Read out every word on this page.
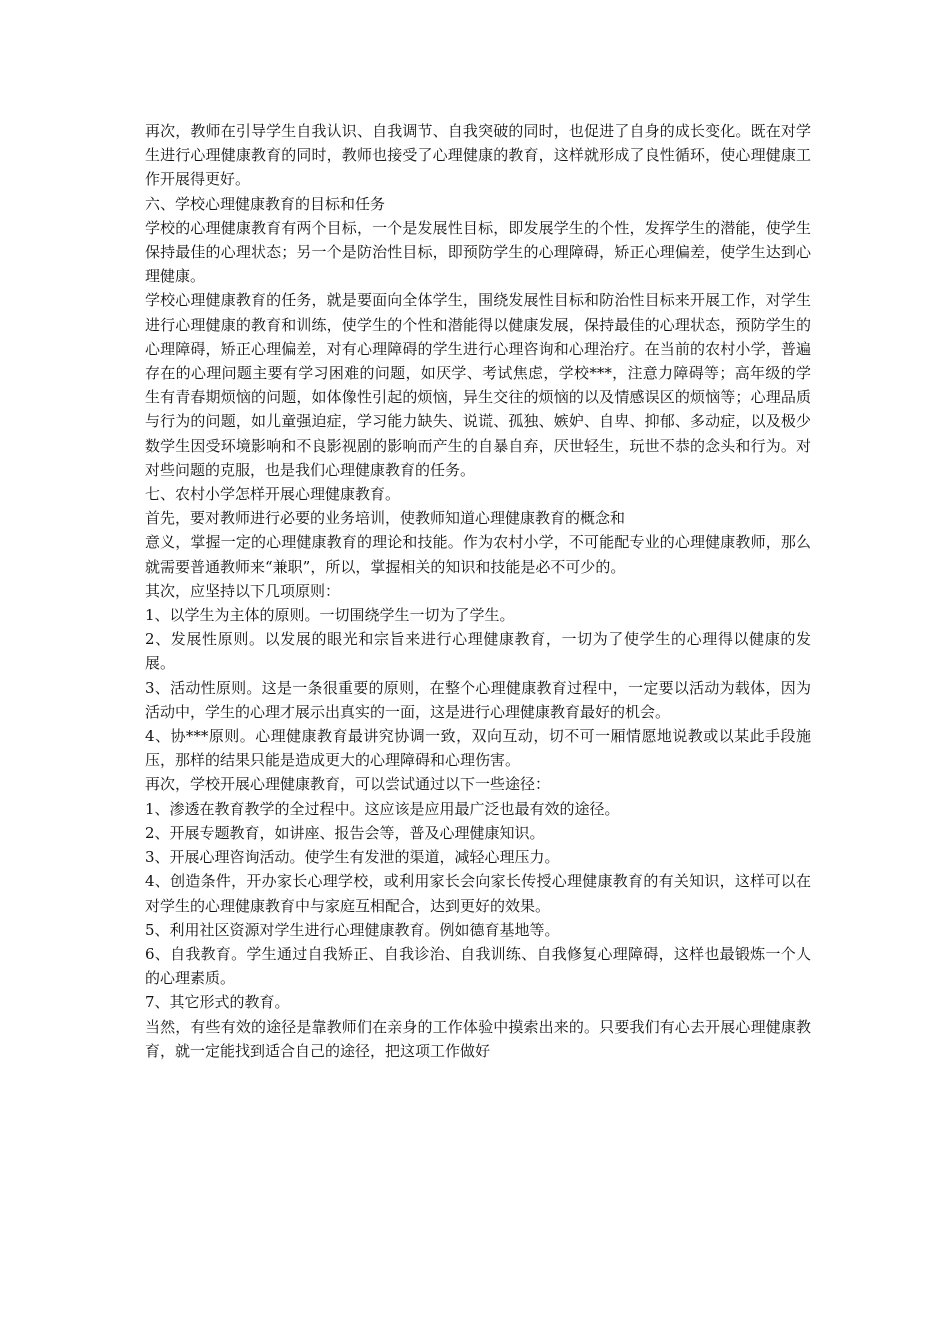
再次，教师在引导学生自我认识、自我调节、自我突破的同时，也促进了自身的成长变化。既在对学生进行心理健康教育的同时，教师也接受了心理健康的教育，这样就形成了良性循环，使心理健康工作开展得更好。

六、学校心理健康教育的目标和任务

学校的心理健康教育有两个目标，一个是发展性目标，即发展学生的个性，发挥学生的潜能，使学生保持最佳的心理状态；另一个是防治性目标，即预防学生的心理障碍，矫正心理偏差，使学生达到心理健康。

学校心理健康教育的任务，就是要面向全体学生，围绕发展性目标和防治性目标来开展工作，对学生进行心理健康的教育和训练，使学生的个性和潜能得以健康发展，保持最佳的心理状态，预防学生的心理障碍，矫正心理偏差，对有心理障碍的学生进行心理咨询和心理治疗。在当前的农村小学，普遍存在的心理问题主要有学习困难的问题，如厌学、考试焦虑，学校***，注意力障碍等；高年级的学生有青春期烦恼的问题，如体像性引起的烦恼，异生交往的烦恼的以及情感误区的烦恼等；心理品质与行为的问题，如儿童强迫症，学习能力缺失、说谎、孤独、嫉妒、自卑、抑郁、多动症，以及极少数学生因受环境影响和不良影视剧的影响而产生的自暴自弃，厌世轻生，玩世不恭的念头和行为。对对些问题的克服，也是我们心理健康教育的任务。

七、农村小学怎样开展心理健康教育。

首先，要对教师进行必要的业务培训，使教师知道心理健康教育的概念和

意义，掌握一定的心理健康教育的理论和技能。作为农村小学，不可能配专业的心理健康教师，那么就需要普通教师来“兼职”，所以，掌握相关的知识和技能是必不可少的。

其次，应坚持以下几项原则：

1、以学生为主体的原则。一切围绕学生一切为了学生。

2、发展性原则。以发展的眼光和宗旨来进行心理健康教育，一切为了使学生的心理得以健康的发展。

3、活动性原则。这是一条很重要的原则，在整个心理健康教育过程中，一定要以活动为载体，因为活动中，学生的心理才展示出真实的一面，这是进行心理健康教育最好的机会。

4、协***原则。心理健康教育最讲究协调一致，双向互动，切不可一厢情愿地说教或以某此手段施压，那样的结果只能是造成更大的心理障碍和心理伤害。

再次，学校开展心理健康教育，可以尝试通过以下一些途径：

1、渗透在教育教学的全过程中。这应该是应用最广泛也最有效的途径。

2、开展专题教育，如讲座、报告会等，普及心理健康知识。

3、开展心理咨询活动。使学生有发泄的渠道，减轻心理压力。

4、创造条件，开办家长心理学校，或利用家长会向家长传授心理健康教育的有关知识，这样可以在对学生的心理健康教育中与家庭互相配合，达到更好的效果。

5、利用社区资源对学生进行心理健康教育。例如德育基地等。

6、自我教育。学生通过自我矫正、自我诊治、自我训练、自我修复心理障碍，这样也最锻炼一个人的心理素质。

7、其它形式的教育。

当然，有些有效的途径是靠教师们在亲身的工作体验中摸索出来的。只要我们有心去开展心理健康教育，就一定能找到适合自己的途径，把这项工作做好
